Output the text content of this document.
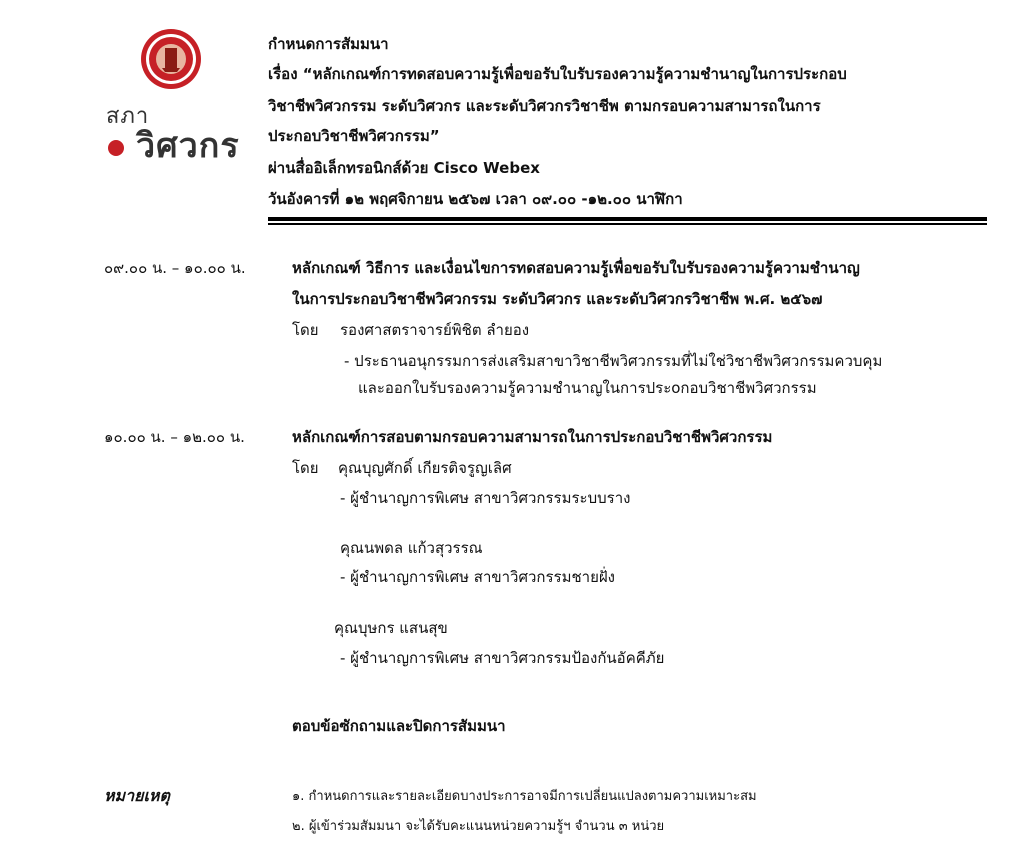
สภา
วิศวกร
กำหนดการสัมมนา
เรื่อง “หลักเกณฑ์การทดสอบความรู้เพื่อขอรับใบรับรองความรู้ความชำนาญในการประกอบ
วิชาชีพวิศวกรรม ระดับวิศวกร และระดับวิศวกรวิชาชีพ ตามกรอบความสามารถในการ
ประกอบวิชาชีพวิศวกรรม”
ผ่านสื่ออิเล็กทรอนิกส์ด้วย Cisco Webex
วันอังคารที่ ๑๒ พฤศจิกายน ๒๕๖๗ เวลา ๐๙.๐๐ -๑๒.๐๐ นาฬิกา
๐๙.๐๐ น. – ๑๐.๐๐ น.	หลักเกณฑ์ วิธีการ และเงื่อนไขการทดสอบความรู้เพื่อขอรับใบรับรองความรู้ความชำนาญ
ในการประกอบวิชาชีพวิศวกรรม ระดับวิศวกร และระดับวิศวกรวิชาชีพ พ.ศ. ๒๕๖๗
โดย รองศาสตราจารย์พิชิต ลำยอง
- ประธานอนุกรรมการส่งเสริมสาขาวิชาชีพวิศวกรรมที่ไม่ใช่วิชาชีพวิศวกรรมควบคุม
และออกใบรับรองความรู้ความชำนาญในการประoกอบวิชาชีพวิศวกรรม
๑๐.๐๐ น. – ๑๒.๐๐ น.	หลักเกณฑ์การสอบตามกรอบความสามารถในการประกอบวิชาชีพวิศวกรรม
โดย คุณบุญศักดิ์ เกียรติจรูญเลิศ
- ผู้ชำนาญการพิเศษ สาขาวิศวกรรมระบบราง
คุณนพดล แก้วสุวรรณ
- ผู้ชำนาญการพิเศษ สาขาวิศวกรรมชายฝั่ง
คุณบุษกร แสนสุข
- ผู้ชำนาญการพิเศษ สาขาวิศวกรรมป้องกันอัคคีภัย
ตอบข้อซักถามและปิดการสัมมนา
หมายเหตุ	๑. กำหนดการและรายละเอียดบางประการอาจมีการเปลี่ยนแปลงตามความเหมาะสม
๒. ผู้เข้าร่วมสัมมนา จะได้รับคะแนนหน่วยความรู้ฯ จำนวน ๓ หน่วย
